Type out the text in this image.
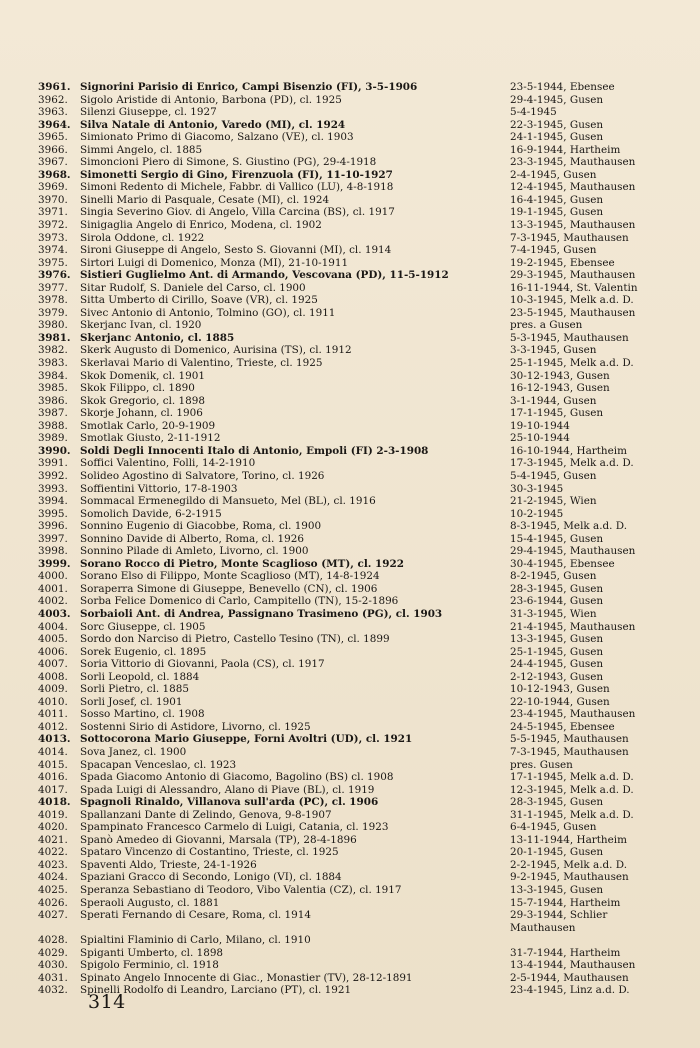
3961. Signorini Parisio di Enrico, Campi Bisenzio (FI), 3-5-1906	23-5-1944, Ebensee
3962.	Sigolo Aristide di Antonio, Barbona (PD), cl. 1925	29-4-1945, Gusen
3963.	Silenzi Giuseppe, cl. 1927	5-4-1945
3964. Silva Natale di Antonio, Varedo (MI), cl. 1924	22-3-1945, Gusen
3965.	Simionato Primo di Giacomo, Salzano (VE), cl. 1903	24-1-1945, Gusen
3966.	Simmi Angelo, cl. 1885	16-9-1944, Hartheim
3967.	Simoncioni Piero di Simone, S. Giustino (PG), 29-4-1918	23-3-1945, Mauthausen
3968. Simonetti Sergio di Gino, Firenzuola (FI), 11-10-1927	2-4-1945, Gusen
3969.	Simoni Redento di Michele, Fabbr. di Vallico (LU), 4-8-1918	12-4-1945, Mauthausen
3970.	Sinelli Mario di Pasquale, Cesate (MI), cl. 1924	16-4-1945, Gusen
3971.	Singia Severino Giov. di Angelo, Villa Carcina (BS), cl. 1917	19-1-1945, Gusen
3972.	Sinigaglia Angelo di Enrico, Modena, cl. 1902	13-3-1945, Mauthausen
3973.	Sirola Oddone, cl. 1922	7-3-1945, Mauthausen
3974.	Sironi Giuseppe di Angelo, Sesto S. Giovanni (MI), cl. 1914	7-4-1945, Gusen
3975.	Sirtori Luigi di Domenico, Monza (MI), 21-10-1911	19-2-1945, Ebensee
3976. Sistieri Guglielmo Ant. di Armando, Vescovana (PD), 11-5-1912	29-3-1945, Mauthausen
3977.	Sitar Rudolf, S. Daniele del Carso, cl. 1900	16-11-1944, St. Valentin
3978.	Sitta Umberto di Cirillo, Soave (VR), cl. 1925	10-3-1945, Melk a.d. D.
3979.	Sivec Antonio di Antonio, Tolmino (GO), cl. 1911	23-5-1945, Mauthausen
3980.	Skerjanc Ivan, cl. 1920	pres. a Gusen
3981. Skerjanc Antonio, cl. 1885	5-3-1945, Mauthausen
3982.	Skerk Augusto di Domenico, Aurisina (TS), cl. 1912	3-3-1945, Gusen
3983.	Skerlavai Mario di Valentino, Trieste, cl. 1925	25-1-1945, Melk a.d. D.
3984.	Skok Domenik, cl. 1901	30-12-1943, Gusen
3985.	Skok Filippo, cl. 1890	16-12-1943, Gusen
3986.	Skok Gregorio, cl. 1898	3-1-1944, Gusen
3987.	Skorje Johann, cl. 1906	17-1-1945, Gusen
3988.	Smotlak Carlo, 20-9-1909	19-10-1944
3989.	Smotlak Giusto, 2-11-1912	25-10-1944
3990. Soldi Degli Innocenti Italo di Antonio, Empoli (FI) 2-3-1908	16-10-1944, Hartheim
3991.	Soffici Valentino, Folli, 14-2-1910	17-3-1945, Melk a.d. D.
3992.	Solideo Agostino di Salvatore, Torino, cl. 1926	5-4-1945, Gusen
3993.	Soffientini Vittorio, 17-8-1903	30-3-1945
3994.	Sommacal Ermenegildo di Mansueto, Mel (BL), cl. 1916	21-2-1945, Wien
3995.	Somolich Davide, 6-2-1915	10-2-1945
3996.	Sonnino Eugenio di Giacobbe, Roma, cl. 1900	8-3-1945, Melk a.d. D.
3997.	Sonnino Davide di Alberto, Roma, cl. 1926	15-4-1945, Gusen
3998.	Sonnino Pilade di Amleto, Livorno, cl. 1900	29-4-1945, Mauthausen
3999. Sorano Rocco di Pietro, Monte Scaglioso (MT), cl. 1922	30-4-1945, Ebensee
4000.	Sorano Elso di Filippo, Monte Scaglioso (MT), 14-8-1924	8-2-1945, Gusen
4001.	Soraperra Simone di Giuseppe, Benevello (CN), cl. 1906	28-3-1945, Gusen
4002.	Sorba Felice Domenico di Carlo, Campitello (TN), 15-2-1896	23-6-1944, Gusen
4003. Sorbaioli Ant. di Andrea, Passignano Trasimeno (PG), cl. 1903	31-3-1945, Wien
4004.	Sorc Giuseppe, cl. 1905	21-4-1945, Mauthausen
4005.	Sordo don Narciso di Pietro, Castello Tesino (TN), cl. 1899	13-3-1945, Gusen
4006.	Sorek Eugenio, cl. 1895	25-1-1945, Gusen
4007.	Soria Vittorio di Giovanni, Paola (CS), cl. 1917	24-4-1945, Gusen
4008.	Sorli Leopold, cl. 1884	2-12-1943, Gusen
4009.	Sorli Pietro, cl. 1885	10-12-1943, Gusen
4010.	Sorli Josef, cl. 1901	22-10-1944, Gusen
4011.	Sosso Martino, cl. 1908	23-4-1945, Mauthausen
4012.	Sostenni Sirio di Astidore, Livorno, cl. 1925	24-5-1945, Ebensee
4013. Sottocorona Mario Giuseppe, Forni Avoltri (UD), cl. 1921	5-5-1945, Mauthausen
4014.	Sova Janez, cl. 1900	7-3-1945, Mauthausen
4015.	Spacapan Venceslao, cl. 1923	pres. Gusen
4016.	Spada Giacomo Antonio di Giacomo, Bagolino (BS) cl. 1908	17-1-1945, Melk a.d. D.
4017.	Spada Luigi di Alessandro, Alano di Piave (BL), cl. 1919	12-3-1945, Melk a.d. D.
4018. Spagnoli Rinaldo, Villanova sull'arda (PC), cl. 1906	28-3-1945, Gusen
4019.	Spallanzani Dante di Zelindo, Genova, 9-8-1907	31-1-1945, Melk a.d. D.
4020.	Spampinato Francesco Carmelo di Luigi, Catania, cl. 1923	6-4-1945, Gusen
4021.	Spanò Amedeo di Giovanni, Marsala (TP), 28-4-1896	13-11-1944, Hartheim
4022.	Spataro Vincenzo di Costantino, Trieste, cl. 1925	20-1-1945, Gusen
4023.	Spaventi Aldo, Trieste, 24-1-1926	2-2-1945, Melk a.d. D.
4024.	Spaziani Gracco di Secondo, Lonigo (VI), cl. 1884	9-2-1945, Mauthausen
4025.	Speranza Sebastiano di Teodoro, Vibo Valentia (CZ), cl. 1917	13-3-1945, Gusen
4026.	Speraoli Augusto, cl. 1881	15-7-1944, Hartheim
4027.	Sperati Fernando di Cesare, Roma, cl. 1914	29-3-1944, Schlier
Mauthausen
4028.	Spialtini Flaminio di Carlo, Milano, cl. 1910
4029.	Spiganti Umberto, cl. 1898	31-7-1944, Hartheim
4030.	Spigolo Ferminio, cl. 1918	13-4-1944, Mauthausen
4031.	Spinato Angelo Innocente di Giac., Monastier (TV), 28-12-1891	2-5-1944, Mauthausen
4032.	Spinelli Rodolfo di Leandro, Larciano (PT), cl. 1921	23-4-1945, Linz a.d. D.
314
